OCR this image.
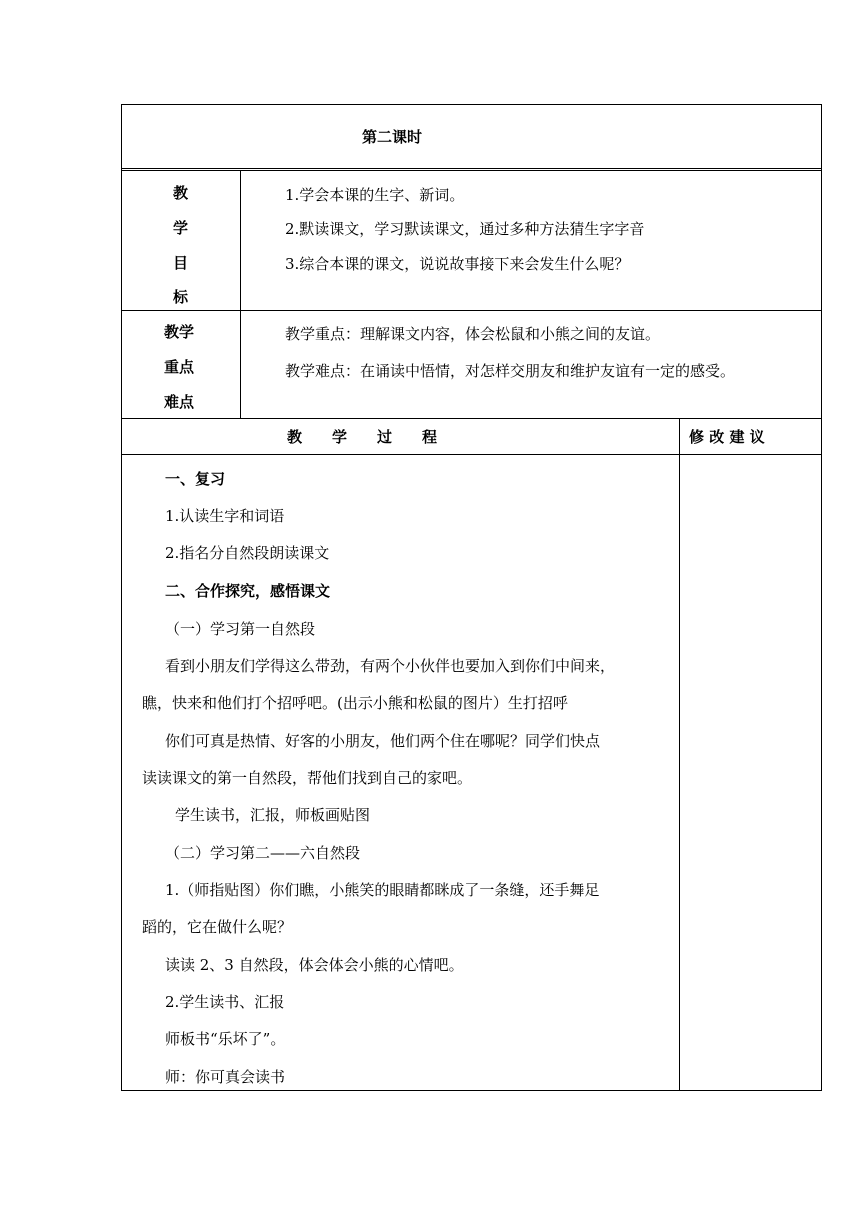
第二课时
教
学
目
标
1.学会本课的生字、新词。
2.默读课文，学习默读课文，通过多种方法猜生字字音
3.综合本课的课文，说说故事接下来会发生什么呢？
教学
重点
难点
教学重点：理解课文内容，体会松鼠和小熊之间的友谊。
教学难点：在诵读中悟情，对怎样交朋友和维护友谊有一定的感受。
教　　学　　过　　程	修 改 建 议
一、复习
1.认读生字和词语
2.指名分自然段朗读课文
二、合作探究，感悟课文
（一）学习第一自然段
看到小朋友们学得这么带劲，有两个小伙伴也要加入到你们中间来，
瞧，快来和他们打个招呼吧。(出示小熊和松鼠的图片）生打招呼
你们可真是热情、好客的小朋友，他们两个住在哪呢？同学们快点
读读课文的第一自然段，帮他们找到自己的家吧。
学生读书，汇报，师板画贴图
（二）学习第二——六自然段
1.（师指贴图）你们瞧，小熊笑的眼睛都眯成了一条缝，还手舞足
蹈的，它在做什么呢？
读读 2、3 自然段，体会体会小熊的心情吧。
2.学生读书、汇报
师板书“乐坏了”。
师：你可真会读书
